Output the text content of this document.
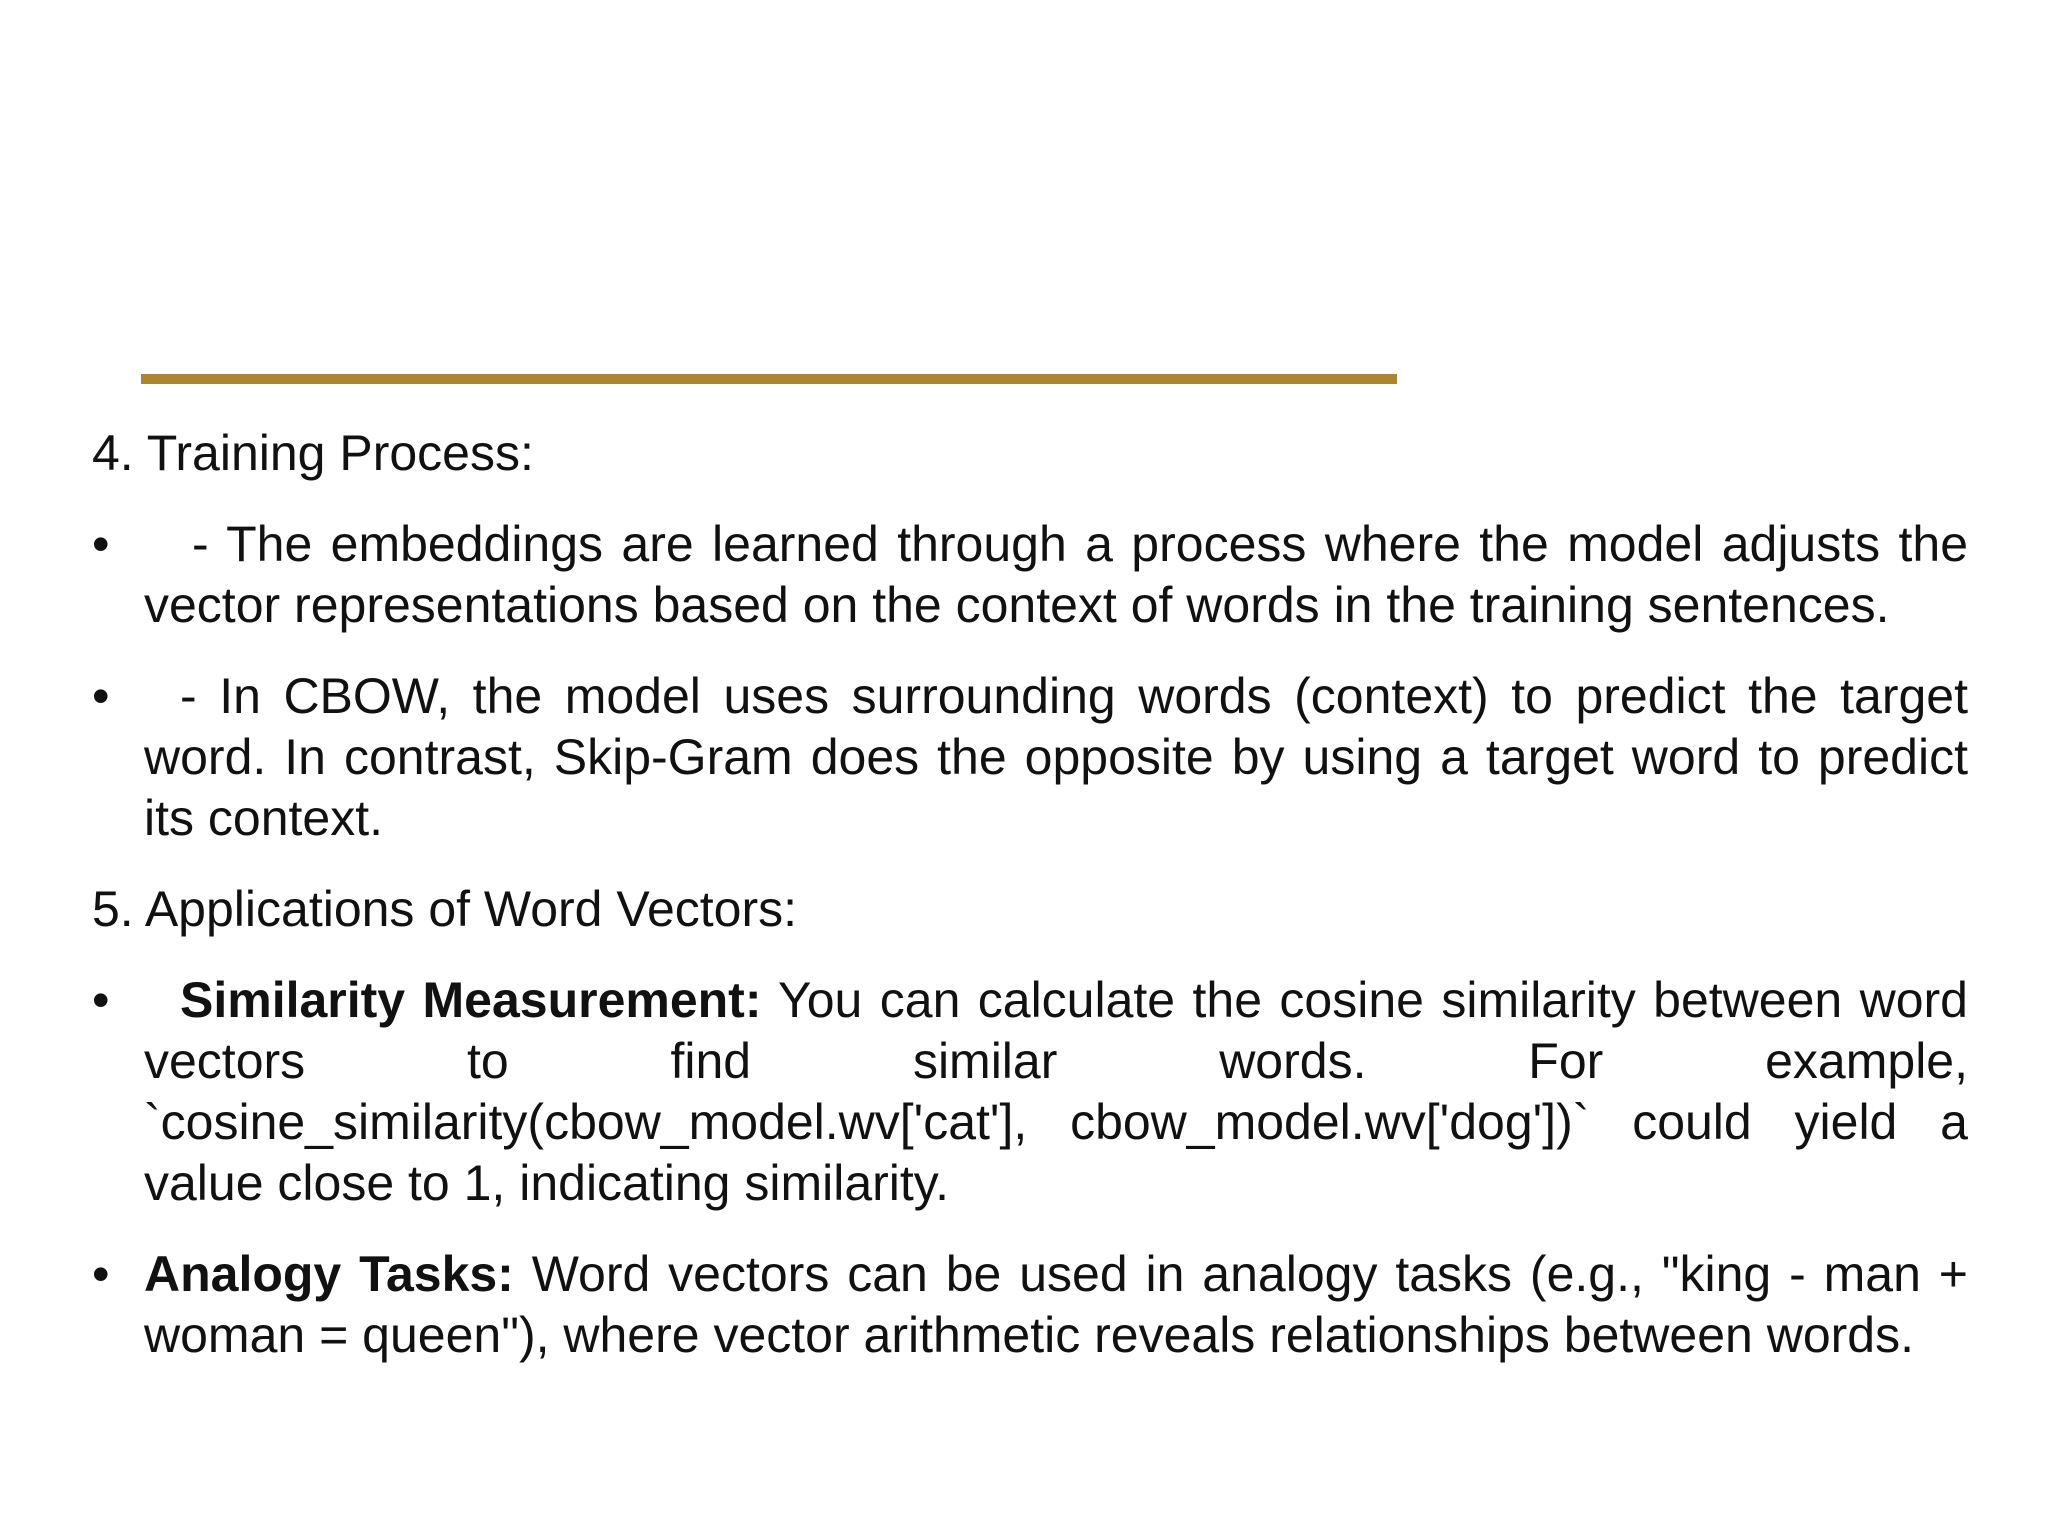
4. Training Process:

•	- The embeddings are learned through a process where the model adjusts the vector representations based on the context of words in the training sentences.
•	- In CBOW, the model uses surrounding words (context) to predict the target word. In contrast, Skip-Gram does the opposite by using a target word to predict its context.

5. Applications of Word Vectors:

•	Similarity Measurement: You can calculate the cosine similarity between word vectors to find similar words. For example, `cosine_similarity(cbow_model.wv['cat'], cbow_model.wv['dog'])` could yield a value close to 1, indicating similarity.
• Analogy Tasks: Word vectors can be used in analogy tasks (e.g., "king - man + woman = queen"), where vector arithmetic reveals relationships between words.
